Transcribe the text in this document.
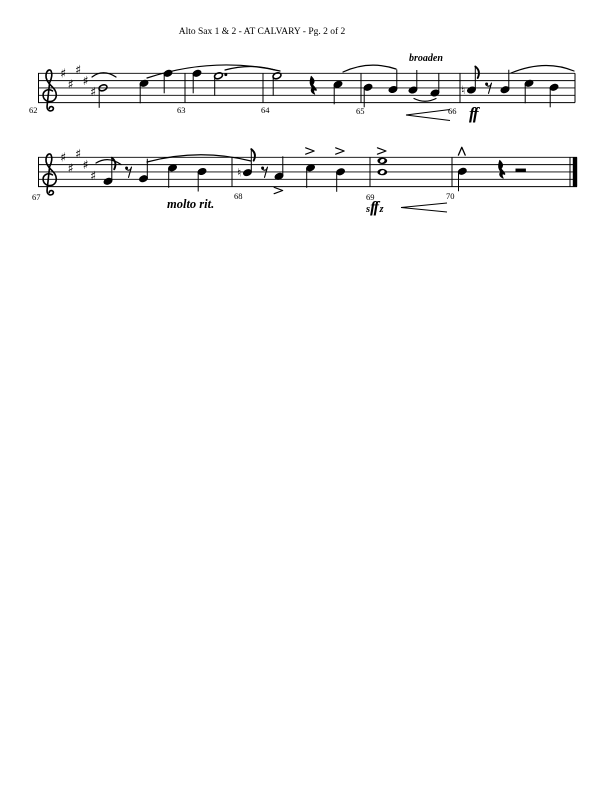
Alto Sax 1 & 2 - AT CALVARY - Pg. 2 of 2
♯
♯
♯
♯
♯	♮
♯
♯
♯
♯
♯	♮
62	63	64	65	66
broaden
ff
67	68	69	70
molto rit.	sff z
